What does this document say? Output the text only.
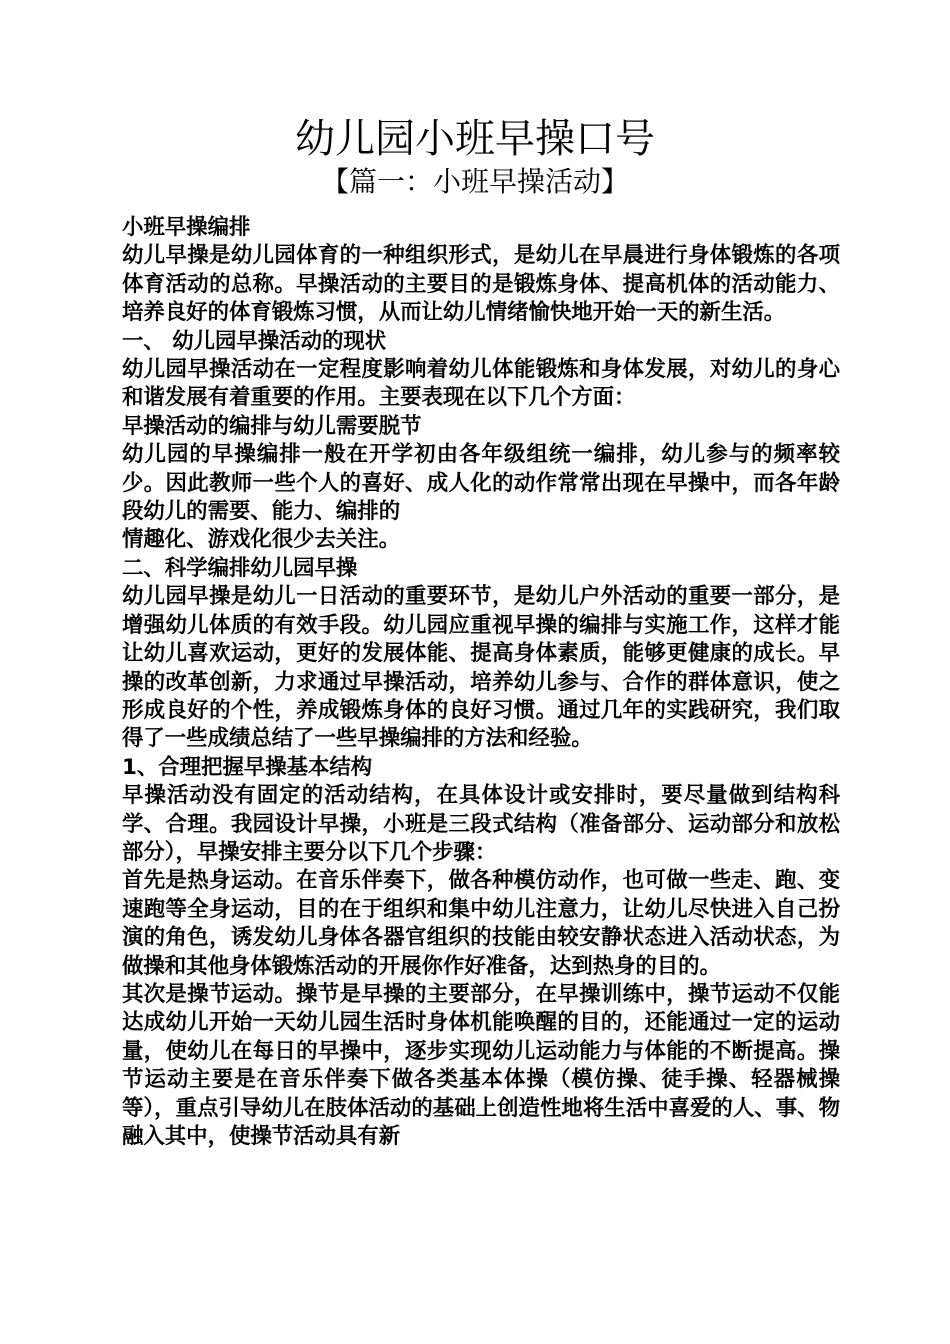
幼儿园小班早操口号
【篇一：小班早操活动】

小班早操编排

幼儿早操是幼儿园体育的一种组织形式，是幼儿在早晨进行身体锻炼的各项体育活动的总称。早操活动的主要目的是锻炼身体、提高机体的活动能力、培养良好的体育锻炼习惯，从而让幼儿情绪愉快地开始一天的新生活。

一、 幼儿园早操活动的现状

幼儿园早操活动在一定程度影响着幼儿体能锻炼和身体发展，对幼儿的身心和谐发展有着重要的作用。主要表现在以下几个方面：

早操活动的编排与幼儿需要脱节

幼儿园的早操编排一般在开学初由各年级组统一编排，幼儿参与的频率较少。因此教师一些个人的喜好、成人化的动作常常出现在早操中，而各年龄段幼儿的需要、能力、编排的

情趣化、游戏化很少去关注。

二、科学编排幼儿园早操

幼儿园早操是幼儿一日活动的重要环节，是幼儿户外活动的重要一部分，是增强幼儿体质的有效手段。幼儿园应重视早操的编排与实施工作，这样才能让幼儿喜欢运动，更好的发展体能、提高身体素质，能够更健康的成长。早操的改革创新，力求通过早操活动，培养幼儿参与、合作的群体意识，使之形成良好的个性，养成锻炼身体的良好习惯。通过几年的实践研究，我们取得了一些成绩总结了一些早操编排的方法和经验。

1、合理把握早操基本结构

早操活动没有固定的活动结构，在具体设计或安排时，要尽量做到结构科学、合理。我园设计早操，小班是三段式结构（准备部分、运动部分和放松部分），早操安排主要分以下几个步骤：

首先是热身运动。在音乐伴奏下，做各种模仿动作，也可做一些走、跑、变速跑等全身运动，目的在于组织和集中幼儿注意力，让幼儿尽快进入自己扮演的角色，诱发幼儿身体各器官组织的技能由较安静状态进入活动状态，为做操和其他身体锻炼活动的开展你作好准备，达到热身的目的。

其次是操节运动。操节是早操的主要部分，在早操训练中，操节运动不仅能达成幼儿开始一天幼儿园生活时身体机能唤醒的目的，还能通过一定的运动量，使幼儿在每日的早操中，逐步实现幼儿运动能力与体能的不断提高。操节运动主要是在音乐伴奏下做各类基本体操（模仿操、徒手操、轻器械操等），重点引导幼儿在肢体活动的基础上创造性地将生活中喜爱的人、事、物融入其中，使操节活动具有新
